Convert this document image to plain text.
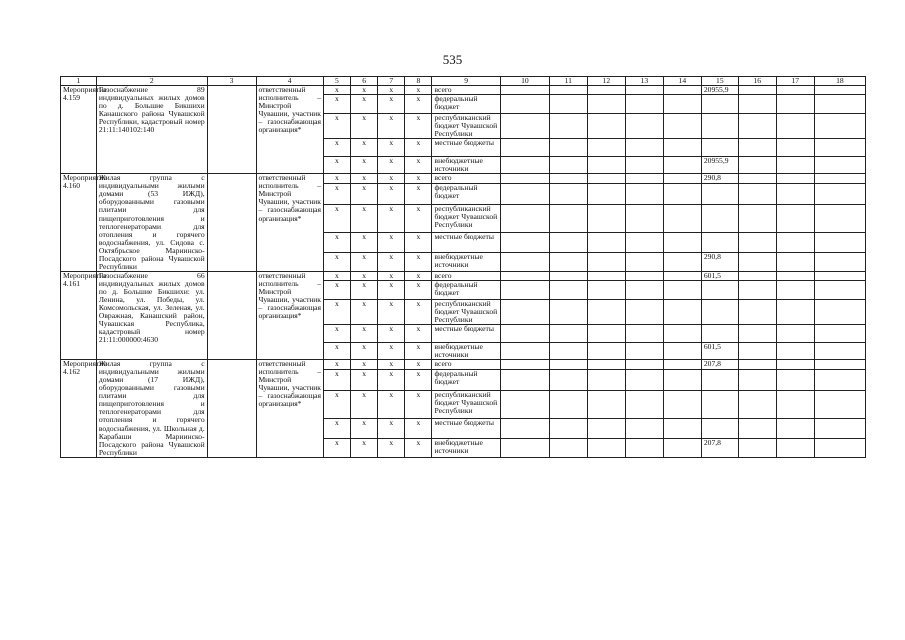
535
1	2	3	4	5	6	7	8	9	10	11	12	13	14	15	16	17	18
Мероприятие 4.159	Газоснабжение 89 индивидуальных жилых домов по д. Большие Бикшихи Канашского района Чувашской Республики, кадастровый номер 21:11:140102:140		ответственный исполнитель – Минстрой Чувашии, участник – газоснабжающая организация*	x	x	x	x	всего						20955,9			
				x	x	x	x	федеральный бюджет									
				x	x	x	x	республиканский бюджет Чувашской Республики									
				x	x	x	x	местные бюджеты									
				x	x	x	x	внебюджетные источники						20955,9			
Мероприятие 4.160	Жилая группа с индивидуальными жилыми домами (53 ИЖД), оборудованными газовыми плитами для пищеприготовления и теплогенераторами для отопления и горячего водоснабжения, ул. Сидова с. Октябрьское Мариинско-Посадского района Чувашской Республики		ответственный исполнитель – Минстрой Чувашии, участник – газоснабжающая организация*	x	x	x	x	всего						290,8			
				x	x	x	x	федеральный бюджет									
				x	x	x	x	республиканский бюджет Чувашской Республики									
				x	x	x	x	местные бюджеты									
				x	x	x	x	внебюджетные источники						290,8			
Мероприятие 4.161	Газоснабжение 66 индивидуальных жилых домов по д. Большие Бикшихи: ул. Ленина, ул. Победы, ул. Комсомольская, ул. Зеленая, ул. Овражная, Канашский район, Чувашская Республика, кадастровый номер 21:11:000000:4630		ответственный исполнитель – Минстрой Чувашии, участник – газоснабжающая организация*	x	x	x	x	всего						601,5			
				x	x	x	x	федеральный бюджет									
				x	x	x	x	республиканский бюджет Чувашской Республики									
				x	x	x	x	местные бюджеты									
				x	x	x	x	внебюджетные источники						601,5			
Мероприятие 4.162	Жилая группа с индивидуальными жилыми домами (17 ИЖД), оборудованными газовыми плитами для пищеприготовления и теплогенераторами для отопления и горячего водоснабжения, ул. Школьная д. Карабаши Мариинско-Посадского района Чувашской Республики		ответственный исполнитель – Минстрой Чувашии, участник – газоснабжающая организация*	x	x	x	x	всего						207,8			
				x	x	x	x	федеральный бюджет									
				x	x	x	x	республиканский бюджет Чувашской Республики									
				x	x	x	x	местные бюджеты									
				x	x	x	x	внебюджетные источники						207,8			
